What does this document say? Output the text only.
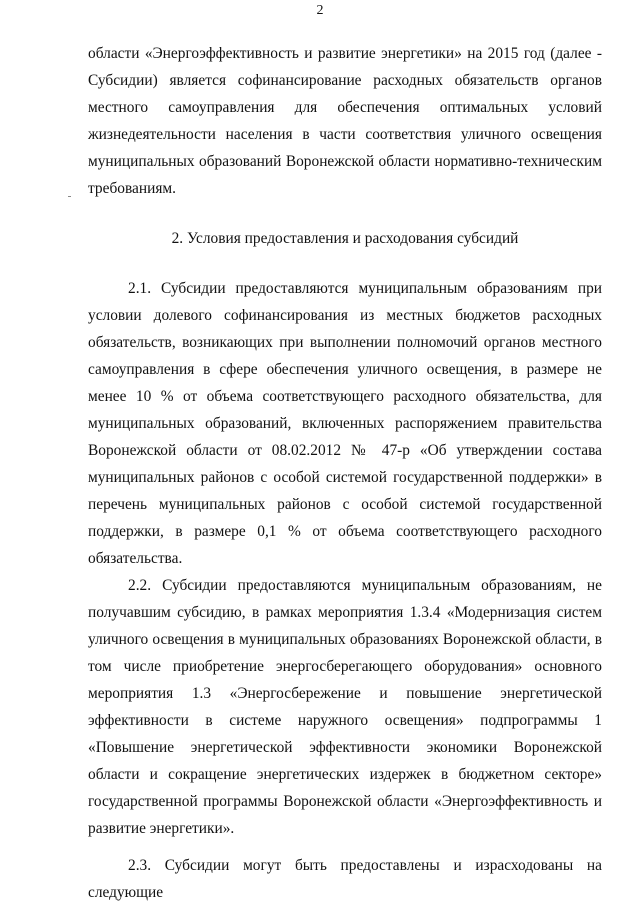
2

области «Энергоэффективность и развитие энергетики» на 2015 год (далее - Субсидии) является софинансирование расходных обязательств органов местного самоуправления для обеспечения оптимальных условий жизнедеятельности населения в части соответствия уличного освещения муниципальных образований Воронежской области нормативно-техническим требованиям.

2. Условия предоставления и расходования субсидий

2.1. Субсидии предоставляются муниципальным образованиям при условии долевого софинансирования из местных бюджетов расходных обязательств, возникающих при выполнении полномочий органов местного самоуправления в сфере обеспечения уличного освещения, в размере не менее 10 % от объема соответствующего расходного обязательства, для муниципальных образований, включенных распоряжением правительства Воронежской области от 08.02.2012 № 47-р «Об утверждении состава муниципальных районов с особой системой государственной поддержки» в перечень муниципальных районов с особой системой государственной поддержки, в размере 0,1 % от объема соответствующего расходного обязательства.

2.2. Субсидии предоставляются муниципальным образованиям, не получавшим субсидию, в рамках мероприятия 1.3.4 «Модернизация систем уличного освещения в муниципальных образованиях Воронежской области, в том числе приобретение энергосберегающего оборудования» основного мероприятия 1.3 «Энергосбережение и повышение энергетической эффективности в системе наружного освещения» подпрограммы 1 «Повышение энергетической эффективности экономики Воронежской области и сокращение энергетических издержек в бюджетном секторе» государственной программы Воронежской области «Энергоэффективность и развитие энергетики».

2.3. Субсидии могут быть предоставлены и израсходованы на следующие
